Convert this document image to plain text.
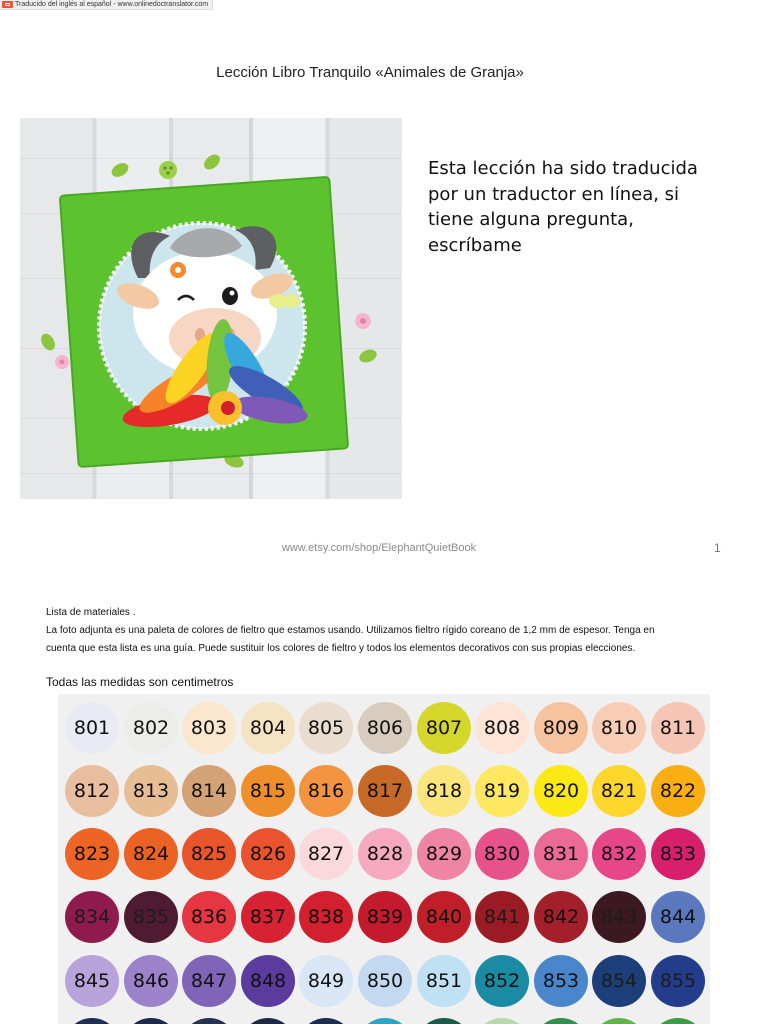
Traducido del inglés al español - www.onlinedoctranslator.com
Lección Libro Tranquilo «Animales de Granja»
Esta lección ha sido traducida por un traductor en línea, si tiene alguna pregunta, escríbame
www.etsy.com/shop/ElephantQuietBook	1
Lista de materiales .
La foto adjunta es una paleta de colores de fieltro que estamos usando. Utilizamos fieltro rígido coreano de 1,2 mm de espesor. Tenga en cuenta que esta lista es una guía. Puede sustituir los colores de fieltro y todos los elementos decorativos con sus propias elecciones.
Todas las medidas son centimetros
801	802	803	804	805	806	807	808	809	810	811
812	813	814	815	816	817	818	819	820	821	822
823	824	825	826	827	828	829	830	831	832	833
834	835	836	837	838	839	840	841	842	843	844
845	846	847	848	849	850	851	852	853	854	855
